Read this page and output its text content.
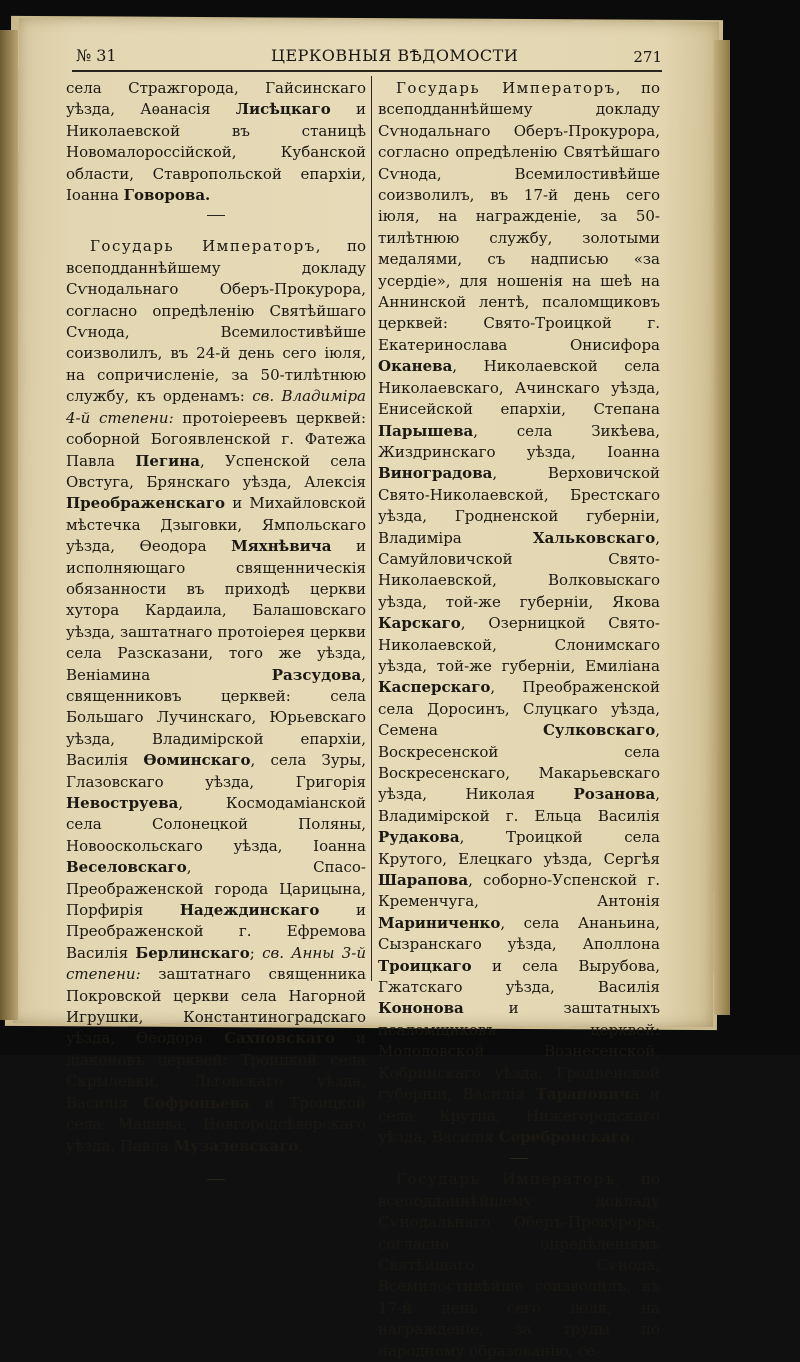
№ 31	ЦЕРКОВНЫЯ ВѢДОМОСТИ	271

села Стражгорода, Гайсинскаго уѣзда, Аѳанасія Лисѣцкаго и Николаевской въ станицѣ Новомалороссійской, Кубанской области, Ставропольской епархіи, Іоанна Говорова.

Государь Императоръ, по всеподданнѣйшему докладу Сѵнодальнаго Оберъ-Прокурора, согласно опредѣленію Святѣйшаго Сѵнода, Всемилостивѣйше соизволилъ, въ 24-й день сего іюля, на сопричисленіе, за 50-тилѣтнюю службу, къ орденамъ: св. Владиміра 4-й степени: протоіереевъ церквей: соборной Богоявленской г. Фатежа Павла Пегина, Успенской села Овстуга, Брянскаго уѣзда, Алексія Преображенскаго и Михайловской мѣстечка Дзыговки, Ямпольскаго уѣзда, Ѳеодора Мяхнѣвича и исполняющаго священническія обязанности въ приходѣ церкви хутора Кардаила, Балашовскаго уѣзда, заштатнаго протоіерея церкви села Разсказани, того же уѣзда, Веніамина Разсудова, священниковъ церквей: села Большаго Лучинскаго, Юрьевскаго уѣзда, Владимірской епархіи, Василія Ѳоминскаго, села Зуры, Глазовскаго уѣзда, Григорія Невоструева, Космодаміанской села Солонецкой Поляны, Новооскольскаго уѣзда, Іоанна Веселовскаго, Спасо-Преображенской города Царицына, Порфирія Надеждинскаго и Преображенской г. Ефремова Василія Берлинскаго; св. Анны 3-й степени: заштатнаго священника Покровской церкви села Нагорной Игрушки, Константиноградскаго уѣзда, Ѳеодора Сахновскаго и діаконовъ церквей: Троицкой села Скрылевки, Льговскаго уѣзда, Василія Софроньева и Троицкой села Машева, Новгородсѣверскаго уѣзда, Павла Музалевскаго,

Государь Императоръ, по всеподданнѣйшему докладу Сѵнодальнаго Оберъ-Прокурора, согласно опредѣленію Святѣйшаго Сѵнода, Всемилостивѣйше соизволилъ, въ 17-й день сего іюля, на награжденіе, за 50-тилѣтнюю службу, золотыми медалями, съ надписью «за усердіе», для ношенія на шеѣ на Аннинской лентѣ, псаломщиковъ церквей: Свято-Троицкой г. Екатеринослава Онисифора Оканева, Николаевской села Николаевскаго, Ачинскаго уѣзда, Енисейской епархіи, Степана Парышева, села Зикѣева, Жиздринскаго уѣзда, Іоанна Виноградова, Верховичской Свято-Николаевской, Брестскаго уѣзда, Гродненской губерніи, Владиміра Хальковскаго, Самуйловичской Свято-Николаевской, Волковыскаго уѣзда, той-же губерніи, Якова Карскаго, Озерницкой Свято-Николаевской, Слонимскаго уѣзда, той-же губерніи, Емиліана Касперскаго, Преображенской села Доросинъ, Слуцкаго уѣзда, Семена Сулковскаго, Воскресенской села Воскресенскаго, Макарьевскаго уѣзда, Николая Розанова, Владимірской г. Ельца Василія Рудакова, Троицкой села Крутого, Елецкаго уѣзда, Сергѣя Шарапова, соборно-Успенской г. Кременчуга, Антонія Мариниченко, села Ананьина, Сызранскаго уѣзда, Аполлона Троицкаго и села Вырубова, Гжатскаго уѣзда, Василія Кононова и заштатныхъ псаломщиковъ церквей: Молодовской Вознесенской, Кобринскаго уѣзда, Гродненской губерніи, Василія Тарановича и села Крутца, Нижегородскаго уѣзда, Василія Серебровскаго.

Государь Императоръ, по всеподданнѣйшему докладу Сѵнодальнаго Оберъ-Прокурора, согласно опредѣленіямъ Святѣйшаго Сѵнода, Всемилостивѣйше соизволилъ, въ 17-й день сего іюля, на награжденіе, за труды по народному образованію, се-
